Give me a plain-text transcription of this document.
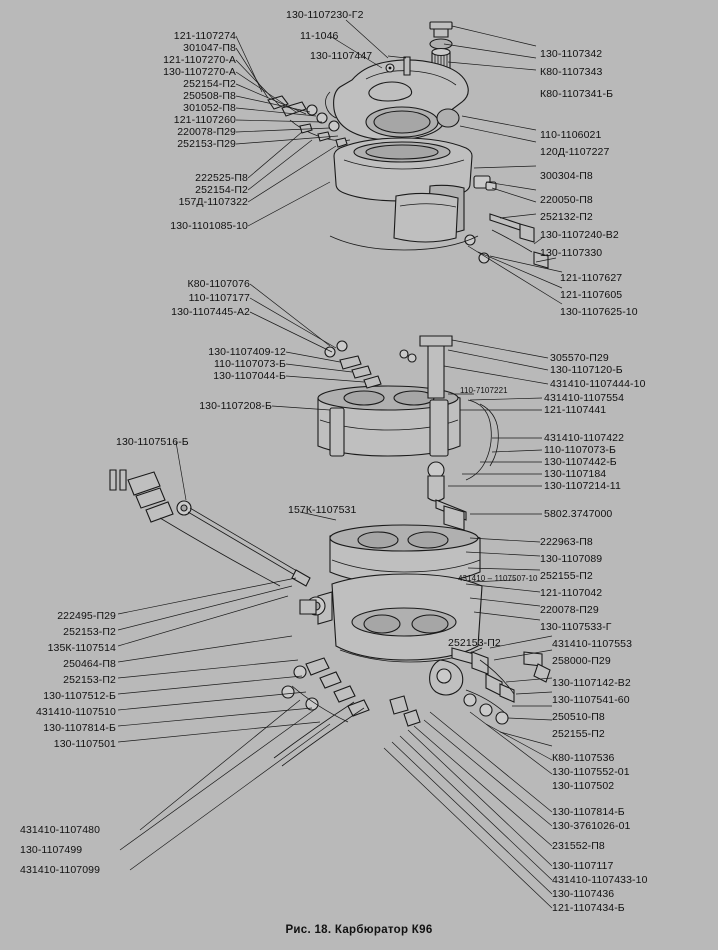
121-1107274
301047-П8
121-1107270-А
130-1107270-А
252154-П2
250508-П8
301052-П8
121-1107260
220078-П29
252153-П29
222525-П8
252154-П2
157Д-1107322
130-1101085-10
130-1107230-Г2
11-1046
130-1107447	130-1107342
К80-1107343
К80-1107341-Б
110-1106021
120Д-1107227
300304-П8
220050-П8
252132-П2
130-1107240-В2
130-1107330
121-1107627
121-1107605
130-1107625-10
К80-1107076
110-1107177
130-1107445-А2
130-1107409-12
110-1107073-Б
130-1107044-Б
130-1107208-Б
305570-П29
130-1107120-Б
431410-1107444-10
431410-1107554
121-1107441
431410-1107422
110-1107073-Б
130-1107442-Б
130-1107184
130-1107214-11
5802.3747000
110-7107221
130-1107516-Б
157К-1107531
222963-П8
130-1107089
252155-П2
121-1107042
220078-П29
130-1107533-Г
431410-1107553
258000-П29
130-1107142-В2
130-1107541-60
250510-П8
252155-П2
К80-1107536
130-1107552-01
130-1107502
431410 – 1107507-10
252153-П2
222495-П29
252153-П2
135К-1107514
250464-П8
252153-П2
130-1107512-Б
431410-1107510
130-1107814-Б
130-1107501
431410-1107480
130-1107499
431410-1107099
130-1107814-Б
130-3761026-01
231552-П8
130-1107117
431410-1107433-10
130-1107436
121-1107434-Б
Рис. 18. Карбюратор К96
